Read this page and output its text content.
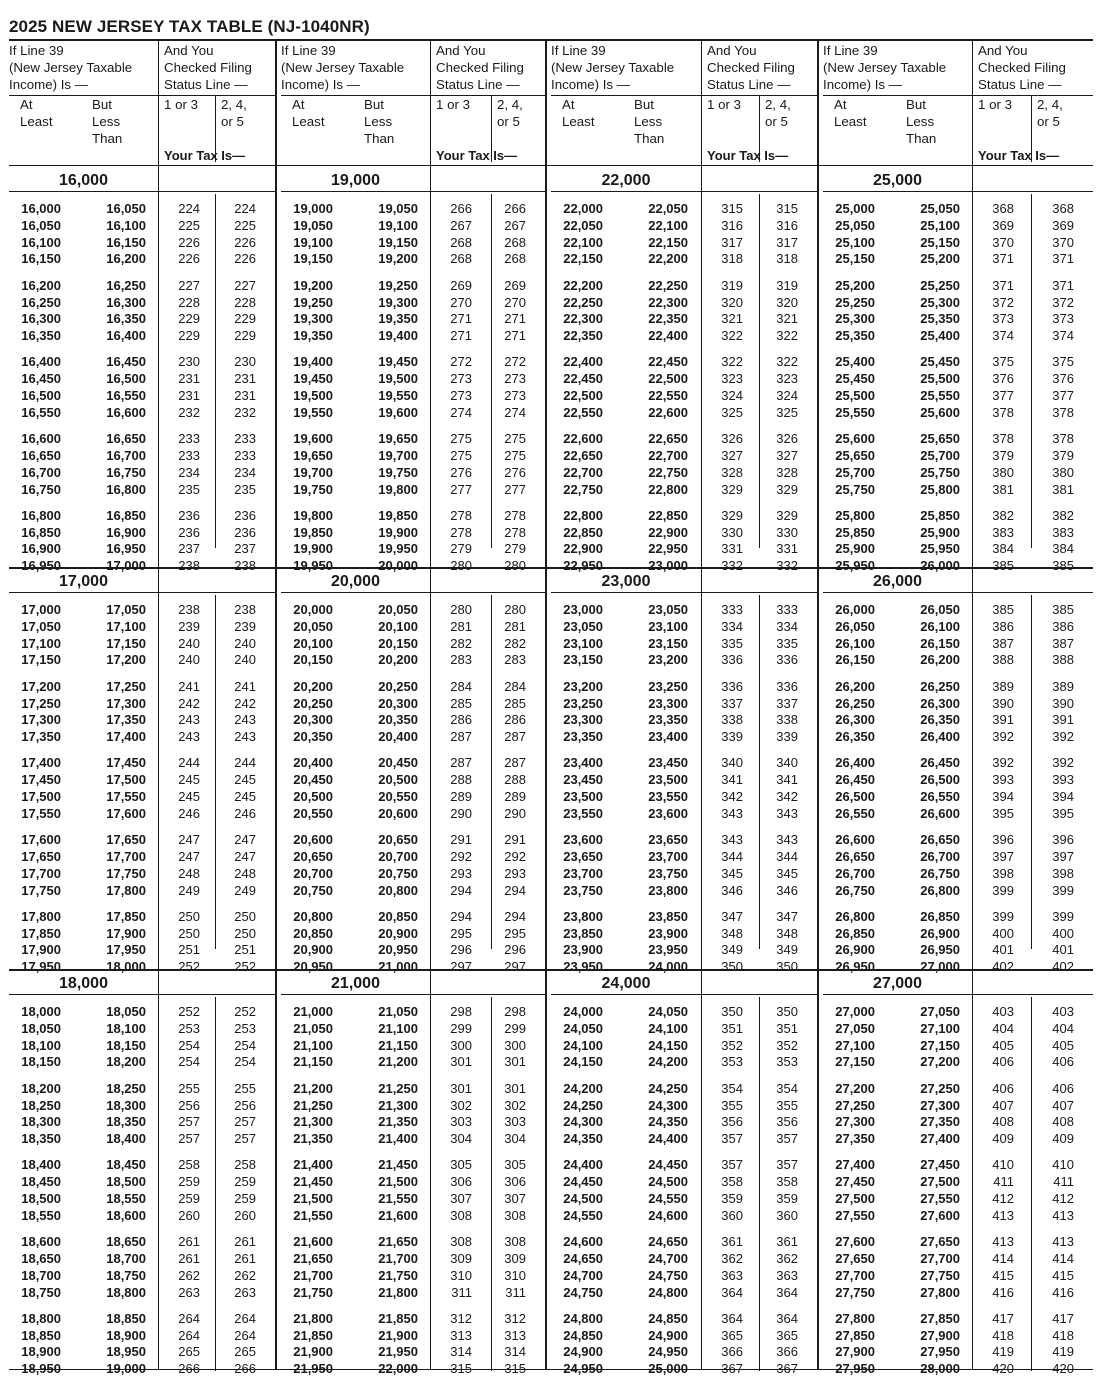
2025 NEW JERSEY TAX TABLE (NJ-1040NR)
If Line 39
(New Jersey Taxable
Income) Is —
And You
Checked Filing
Status Line —
At
Least
But
Less
Than
1 or 3 2, 4,
or 5
Your Tax Is—
If Line 39
(New Jersey Taxable
Income) Is —
And You
Checked Filing
Status Line —
At
Least
But
Less
Than
1 or 3 2, 4,
or 5
Your Tax Is—
If Line 39
(New Jersey Taxable
Income) Is —
And You
Checked Filing
Status Line —
At
Least
But
Less
Than
1 or 3 2, 4,
or 5
Your Tax Is—
If Line 39
(New Jersey Taxable
Income) Is —
And You
Checked Filing
Status Line —
At
Least
But
Less
Than
1 or 3 2, 4,
or 5
Your Tax Is—
16,000
16,000	16,050	224	224
16,050	16,100	225	225
16,100	16,150	226	226
16,150	16,200	226	226
16,200	16,250	227	227
16,250	16,300	228	228
16,300	16,350	229	229
16,350	16,400	229	229
16,400	16,450	230	230
16,450	16,500	231	231
16,500	16,550	231	231
16,550	16,600	232	232
16,600	16,650	233	233
16,650	16,700	233	233
16,700	16,750	234	234
16,750	16,800	235	235
16,800	16,850	236	236
16,850	16,900	236	236
16,900	16,950	237	237
16,950	17,000	238	238
19,000
19,000	19,050	266	266
19,050	19,100	267	267
19,100	19,150	268	268
19,150	19,200	268	268
19,200	19,250	269	269
19,250	19,300	270	270
19,300	19,350	271	271
19,350	19,400	271	271
19,400	19,450	272	272
19,450	19,500	273	273
19,500	19,550	273	273
19,550	19,600	274	274
19,600	19,650	275	275
19,650	19,700	275	275
19,700	19,750	276	276
19,750	19,800	277	277
19,800	19,850	278	278
19,850	19,900	278	278
19,900	19,950	279	279
19,950	20,000	280	280
22,000
22,000	22,050	315	315
22,050	22,100	316	316
22,100	22,150	317	317
22,150	22,200	318	318
22,200	22,250	319	319
22,250	22,300	320	320
22,300	22,350	321	321
22,350	22,400	322	322
22,400	22,450	322	322
22,450	22,500	323	323
22,500	22,550	324	324
22,550	22,600	325	325
22,600	22,650	326	326
22,650	22,700	327	327
22,700	22,750	328	328
22,750	22,800	329	329
22,800	22,850	329	329
22,850	22,900	330	330
22,900	22,950	331	331
22,950	23,000	332	332
25,000
25,000	25,050	368	368
25,050	25,100	369	369
25,100	25,150	370	370
25,150	25,200	371	371
25,200	25,250	371	371
25,250	25,300	372	372
25,300	25,350	373	373
25,350	25,400	374	374
25,400	25,450	375	375
25,450	25,500	376	376
25,500	25,550	377	377
25,550	25,600	378	378
25,600	25,650	378	378
25,650	25,700	379	379
25,700	25,750	380	380
25,750	25,800	381	381
25,800	25,850	382	382
25,850	25,900	383	383
25,900	25,950	384	384
25,950	26,000	385	385
17,000
17,000	17,050	238	238
17,050	17,100	239	239
17,100	17,150	240	240
17,150	17,200	240	240
17,200	17,250	241	241
17,250	17,300	242	242
17,300	17,350	243	243
17,350	17,400	243	243
17,400	17,450	244	244
17,450	17,500	245	245
17,500	17,550	245	245
17,550	17,600	246	246
17,600	17,650	247	247
17,650	17,700	247	247
17,700	17,750	248	248
17,750	17,800	249	249
17,800	17,850	250	250
17,850	17,900	250	250
17,900	17,950	251	251
17,950	18,000	252	252
20,000
20,000	20,050	280	280
20,050	20,100	281	281
20,100	20,150	282	282
20,150	20,200	283	283
20,200	20,250	284	284
20,250	20,300	285	285
20,300	20,350	286	286
20,350	20,400	287	287
20,400	20,450	287	287
20,450	20,500	288	288
20,500	20,550	289	289
20,550	20,600	290	290
20,600	20,650	291	291
20,650	20,700	292	292
20,700	20,750	293	293
20,750	20,800	294	294
20,800	20,850	294	294
20,850	20,900	295	295
20,900	20,950	296	296
20,950	21,000	297	297
23,000
23,000	23,050	333	333
23,050	23,100	334	334
23,100	23,150	335	335
23,150	23,200	336	336
23,200	23,250	336	336
23,250	23,300	337	337
23,300	23,350	338	338
23,350	23,400	339	339
23,400	23,450	340	340
23,450	23,500	341	341
23,500	23,550	342	342
23,550	23,600	343	343
23,600	23,650	343	343
23,650	23,700	344	344
23,700	23,750	345	345
23,750	23,800	346	346
23,800	23,850	347	347
23,850	23,900	348	348
23,900	23,950	349	349
23,950	24,000	350	350
26,000
26,000	26,050	385	385
26,050	26,100	386	386
26,100	26,150	387	387
26,150	26,200	388	388
26,200	26,250	389	389
26,250	26,300	390	390
26,300	26,350	391	391
26,350	26,400	392	392
26,400	26,450	392	392
26,450	26,500	393	393
26,500	26,550	394	394
26,550	26,600	395	395
26,600	26,650	396	396
26,650	26,700	397	397
26,700	26,750	398	398
26,750	26,800	399	399
26,800	26,850	399	399
26,850	26,900	400	400
26,900	26,950	401	401
26,950	27,000	402	402
18,000
18,000	18,050	252	252
18,050	18,100	253	253
18,100	18,150	254	254
18,150	18,200	254	254
18,200	18,250	255	255
18,250	18,300	256	256
18,300	18,350	257	257
18,350	18,400	257	257
18,400	18,450	258	258
18,450	18,500	259	259
18,500	18,550	259	259
18,550	18,600	260	260
18,600	18,650	261	261
18,650	18,700	261	261
18,700	18,750	262	262
18,750	18,800	263	263
18,800	18,850	264	264
18,850	18,900	264	264
18,900	18,950	265	265
18,950	19,000	266	266
21,000
21,000	21,050	298	298
21,050	21,100	299	299
21,100	21,150	300	300
21,150	21,200	301	301
21,200	21,250	301	301
21,250	21,300	302	302
21,300	21,350	303	303
21,350	21,400	304	304
21,400	21,450	305	305
21,450	21,500	306	306
21,500	21,550	307	307
21,550	21,600	308	308
21,600	21,650	308	308
21,650	21,700	309	309
21,700	21,750	310	310
21,750	21,800	311	311
21,800	21,850	312	312
21,850	21,900	313	313
21,900	21,950	314	314
21,950	22,000	315	315
24,000
24,000	24,050	350	350
24,050	24,100	351	351
24,100	24,150	352	352
24,150	24,200	353	353
24,200	24,250	354	354
24,250	24,300	355	355
24,300	24,350	356	356
24,350	24,400	357	357
24,400	24,450	357	357
24,450	24,500	358	358
24,500	24,550	359	359
24,550	24,600	360	360
24,600	24,650	361	361
24,650	24,700	362	362
24,700	24,750	363	363
24,750	24,800	364	364
24,800	24,850	364	364
24,850	24,900	365	365
24,900	24,950	366	366
24,950	25,000	367	367
27,000
27,000	27,050	403	403
27,050	27,100	404	404
27,100	27,150	405	405
27,150	27,200	406	406
27,200	27,250	406	406
27,250	27,300	407	407
27,300	27,350	408	408
27,350	27,400	409	409
27,400	27,450	410	410
27,450	27,500	411	411
27,500	27,550	412	412
27,550	27,600	413	413
27,600	27,650	413	413
27,650	27,700	414	414
27,700	27,750	415	415
27,750	27,800	416	416
27,800	27,850	417	417
27,850	27,900	418	418
27,900	27,950	419	419
27,950	28,000	420	420
